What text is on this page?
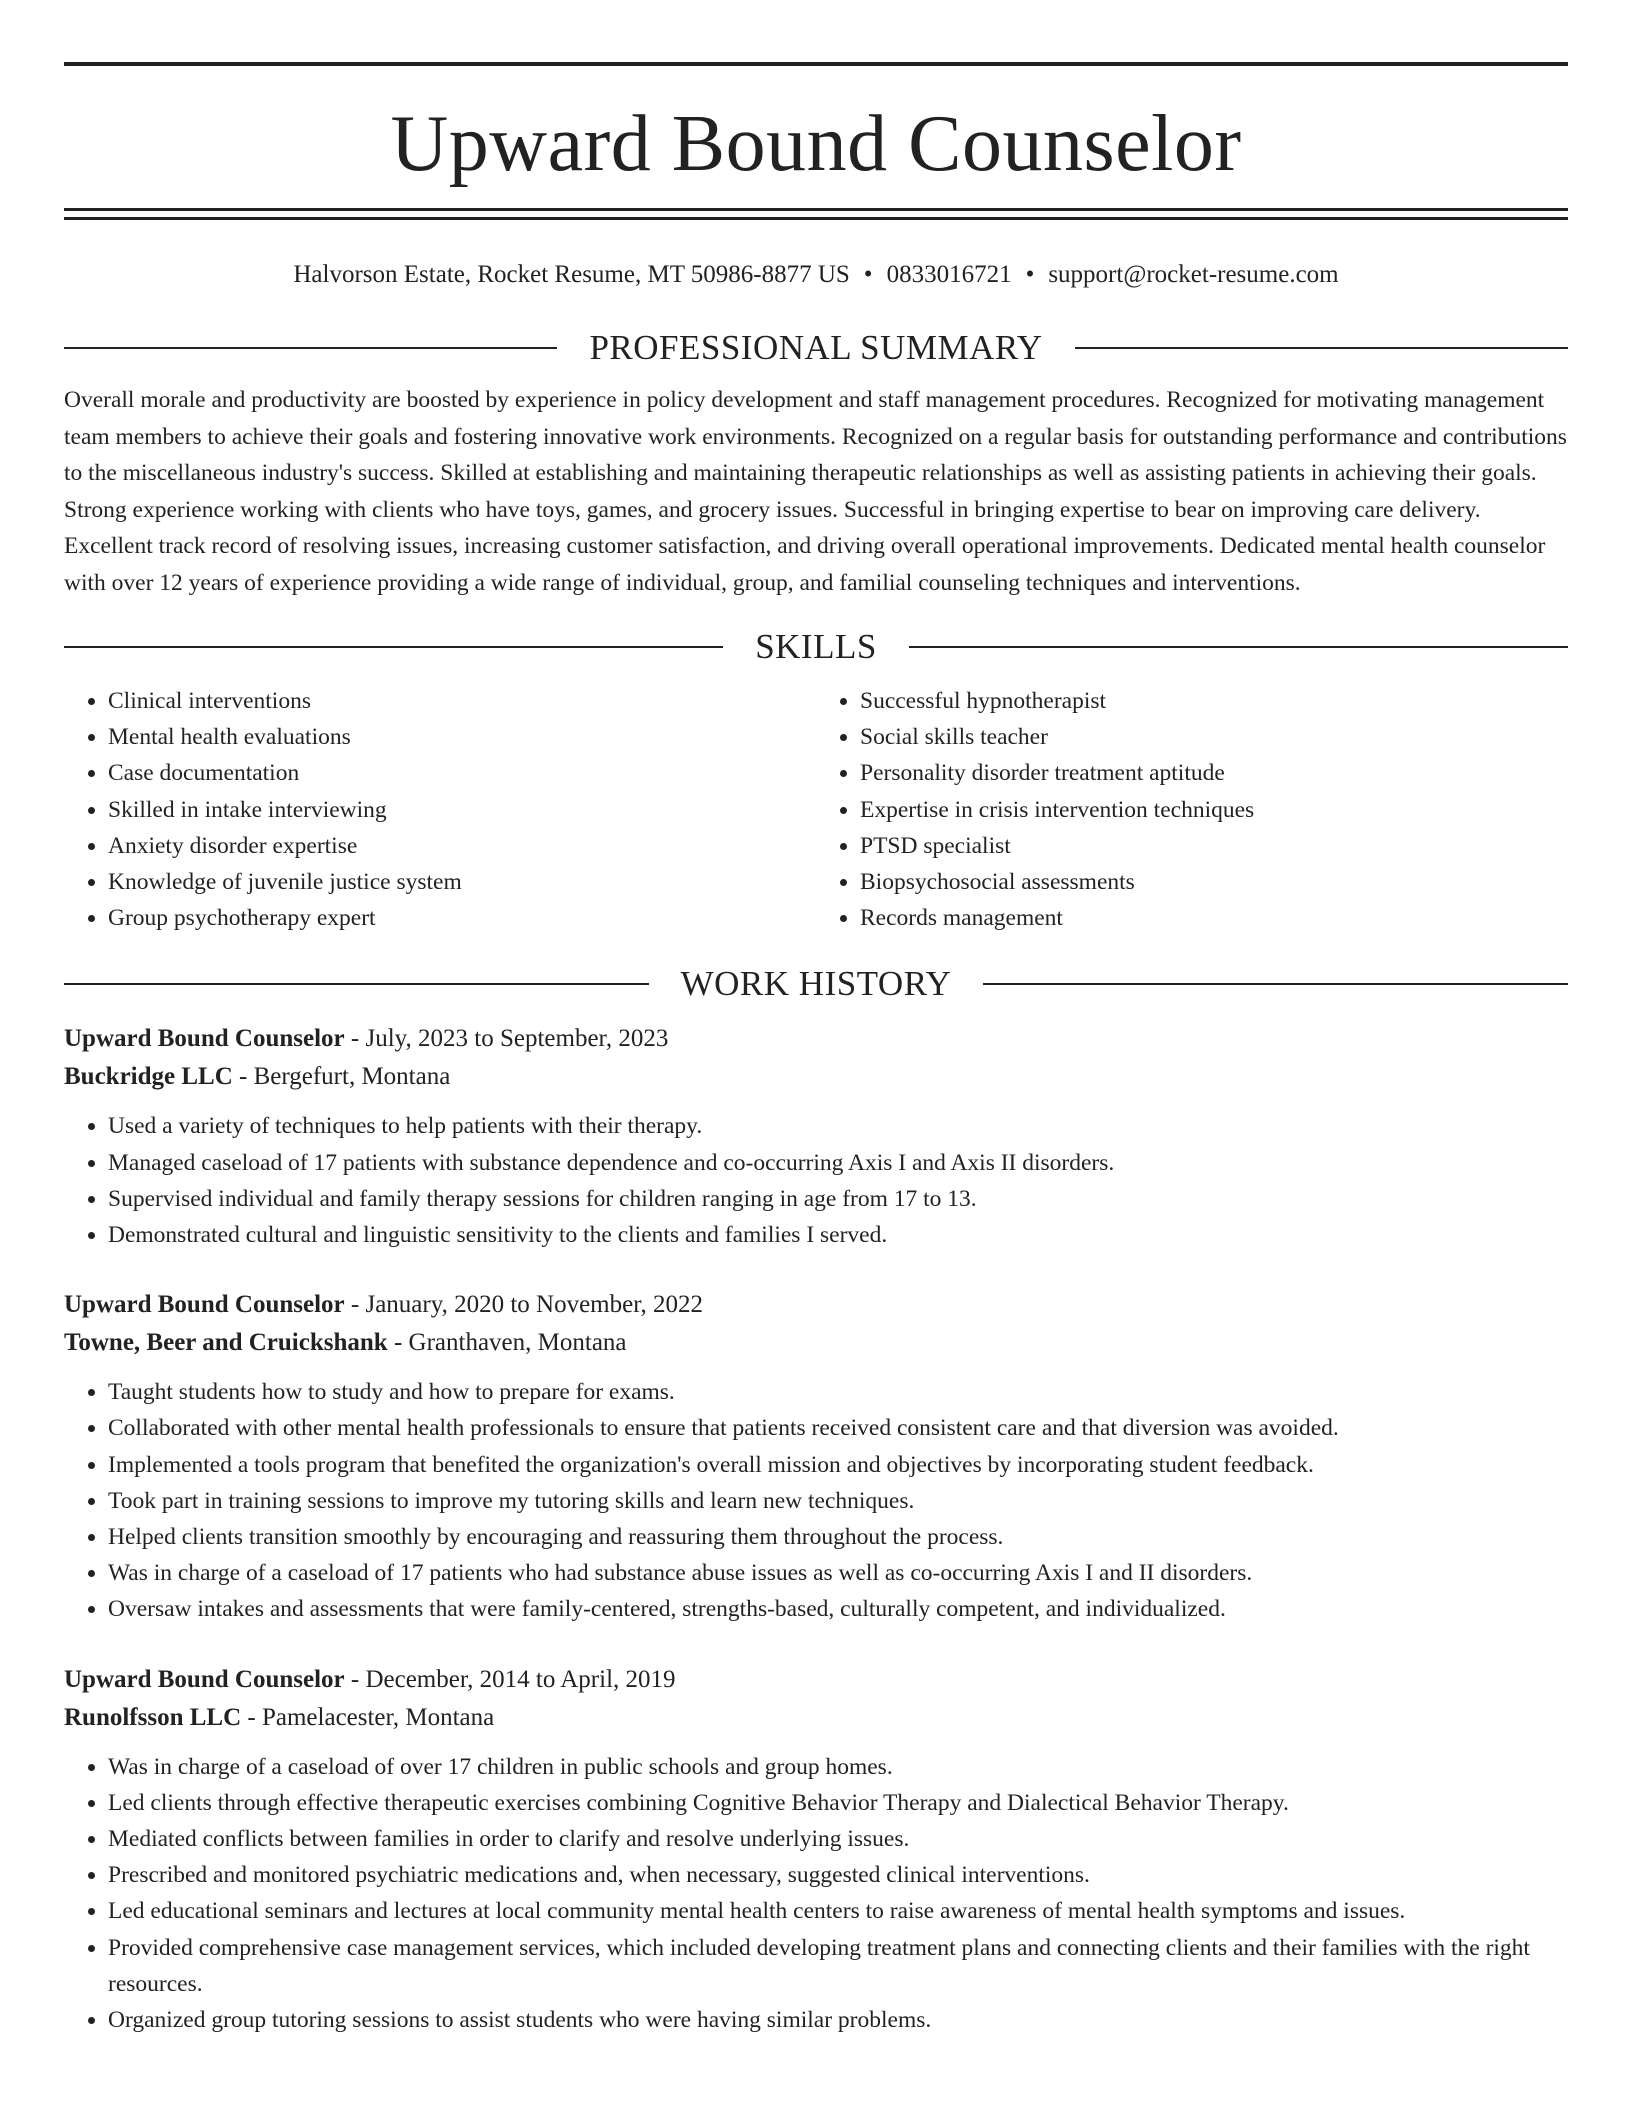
Upward Bound Counselor
Halvorson Estate, Rocket Resume, MT 50986-8877 US • 0833016721 • support@rocket-resume.com
PROFESSIONAL SUMMARY

Overall morale and productivity are boosted by experience in policy development and staff management procedures. Recognized for motivating management team members to achieve their goals and fostering innovative work environments. Recognized on a regular basis for outstanding performance and contributions to the miscellaneous industry's success. Skilled at establishing and maintaining therapeutic relationships as well as assisting patients in achieving their goals. Strong experience working with clients who have toys, games, and grocery issues. Successful in bringing expertise to bear on improving care delivery. Excellent track record of resolving issues, increasing customer satisfaction, and driving overall operational improvements. Dedicated mental health counselor with over 12 years of experience providing a wide range of individual, group, and familial counseling techniques and interventions.

SKILLS
• Clinical interventions
• Mental health evaluations
• Case documentation
• Skilled in intake interviewing
• Anxiety disorder expertise
• Knowledge of juvenile justice system
• Group psychotherapy expert
• Successful hypnotherapist
• Social skills teacher
• Personality disorder treatment aptitude
• Expertise in crisis intervention techniques
• PTSD specialist
• Biopsychosocial assessments
• Records management
WORK HISTORY
Upward Bound Counselor - July, 2023 to September, 2023
Buckridge LLC - Bergefurt, Montana
• Used a variety of techniques to help patients with their therapy.
• Managed caseload of 17 patients with substance dependence and co-occurring Axis I and Axis II disorders.
• Supervised individual and family therapy sessions for children ranging in age from 17 to 13.
• Demonstrated cultural and linguistic sensitivity to the clients and families I served.
Upward Bound Counselor - January, 2020 to November, 2022
Towne, Beer and Cruickshank - Granthaven, Montana
• Taught students how to study and how to prepare for exams.
• Collaborated with other mental health professionals to ensure that patients received consistent care and that diversion was avoided.
• Implemented a tools program that benefited the organization's overall mission and objectives by incorporating student feedback.
• Took part in training sessions to improve my tutoring skills and learn new techniques.
• Helped clients transition smoothly by encouraging and reassuring them throughout the process.
• Was in charge of a caseload of 17 patients who had substance abuse issues as well as co-occurring Axis I and II disorders.
• Oversaw intakes and assessments that were family-centered, strengths-based, culturally competent, and individualized.
Upward Bound Counselor - December, 2014 to April, 2019
Runolfsson LLC - Pamelacester, Montana
• Was in charge of a caseload of over 17 children in public schools and group homes.
• Led clients through effective therapeutic exercises combining Cognitive Behavior Therapy and Dialectical Behavior Therapy.
• Mediated conflicts between families in order to clarify and resolve underlying issues.
• Prescribed and monitored psychiatric medications and, when necessary, suggested clinical interventions.
• Led educational seminars and lectures at local community mental health centers to raise awareness of mental health symptoms and issues.
• Provided comprehensive case management services, which included developing treatment plans and connecting clients and their families with the right resources.
• Organized group tutoring sessions to assist students who were having similar problems.
